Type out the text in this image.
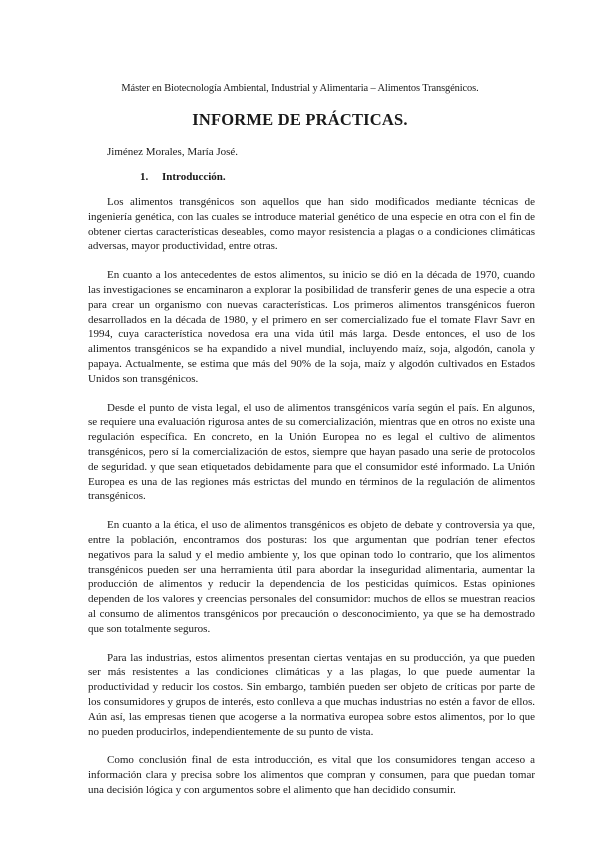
Máster en Biotecnología Ambiental, Industrial y Alimentaria – Alimentos Transgénicos.
INFORME DE PRÁCTICAS.
Jiménez Morales, María José.
1. Introducción.

Los alimentos transgénicos son aquellos que han sido modificados mediante técnicas de ingeniería genética, con las cuales se introduce material genético de una especie en otra con el fin de obtener ciertas características deseables, como mayor resistencia a plagas o a condiciones climáticas adversas, mayor productividad, entre otras.

En cuanto a los antecedentes de estos alimentos, su inicio se dió en la década de 1970, cuando las investigaciones se encaminaron a explorar la posibilidad de transferir genes de una especie a otra para crear un organismo con nuevas características. Los primeros alimentos transgénicos fueron desarrollados en la década de 1980, y el primero en ser comercializado fue el tomate Flavr Savr en 1994, cuya característica novedosa era una vida útil más larga. Desde entonces, el uso de los alimentos transgénicos se ha expandido a nivel mundial, incluyendo maíz, soja, algodón, canola y papaya. Actualmente, se estima que más del 90% de la soja, maíz y algodón cultivados en Estados Unidos son transgénicos.

Desde el punto de vista legal, el uso de alimentos transgénicos varía según el país. En algunos, se requiere una evaluación rigurosa antes de su comercialización, mientras que en otros no existe una regulación específica. En concreto, en la Unión Europea no es legal el cultivo de alimentos transgénicos, pero sí la comercialización de estos, siempre que hayan pasado una serie de protocolos de seguridad. y que sean etiquetados debidamente para que el consumidor esté informado. La Unión Europea es una de las regiones más estrictas del mundo en términos de la regulación de alimentos transgénicos.

En cuanto a la ética, el uso de alimentos transgénicos es objeto de debate y controversia ya que, entre la población, encontramos dos posturas: los que argumentan que podrían tener efectos negativos para la salud y el medio ambiente y, los que opinan todo lo contrario, que los alimentos transgénicos pueden ser una herramienta útil para abordar la inseguridad alimentaria, aumentar la producción de alimentos y reducir la dependencia de los pesticidas químicos. Estas opiniones dependen de los valores y creencias personales del consumidor: muchos de ellos se muestran reacios al consumo de alimentos transgénicos por precaución o desconocimiento, ya que se ha demostrado que son totalmente seguros.

Para las industrias, estos alimentos presentan ciertas ventajas en su producción, ya que pueden ser más resistentes a las condiciones climáticas y a las plagas, lo que puede aumentar la productividad y reducir los costos. Sin embargo, también pueden ser objeto de críticas por parte de los consumidores y grupos de interés, esto conlleva a que muchas industrias no estén a favor de ellos. Aún así, las empresas tienen que acogerse a la normativa europea sobre estos alimentos, por lo que no pueden producirlos, independientemente de su punto de vista.

Como conclusión final de esta introducción, es vital que los consumidores tengan acceso a información clara y precisa sobre los alimentos que compran y consumen, para que puedan tomar una decisión lógica y con argumentos sobre el alimento que han decidido consumir.
